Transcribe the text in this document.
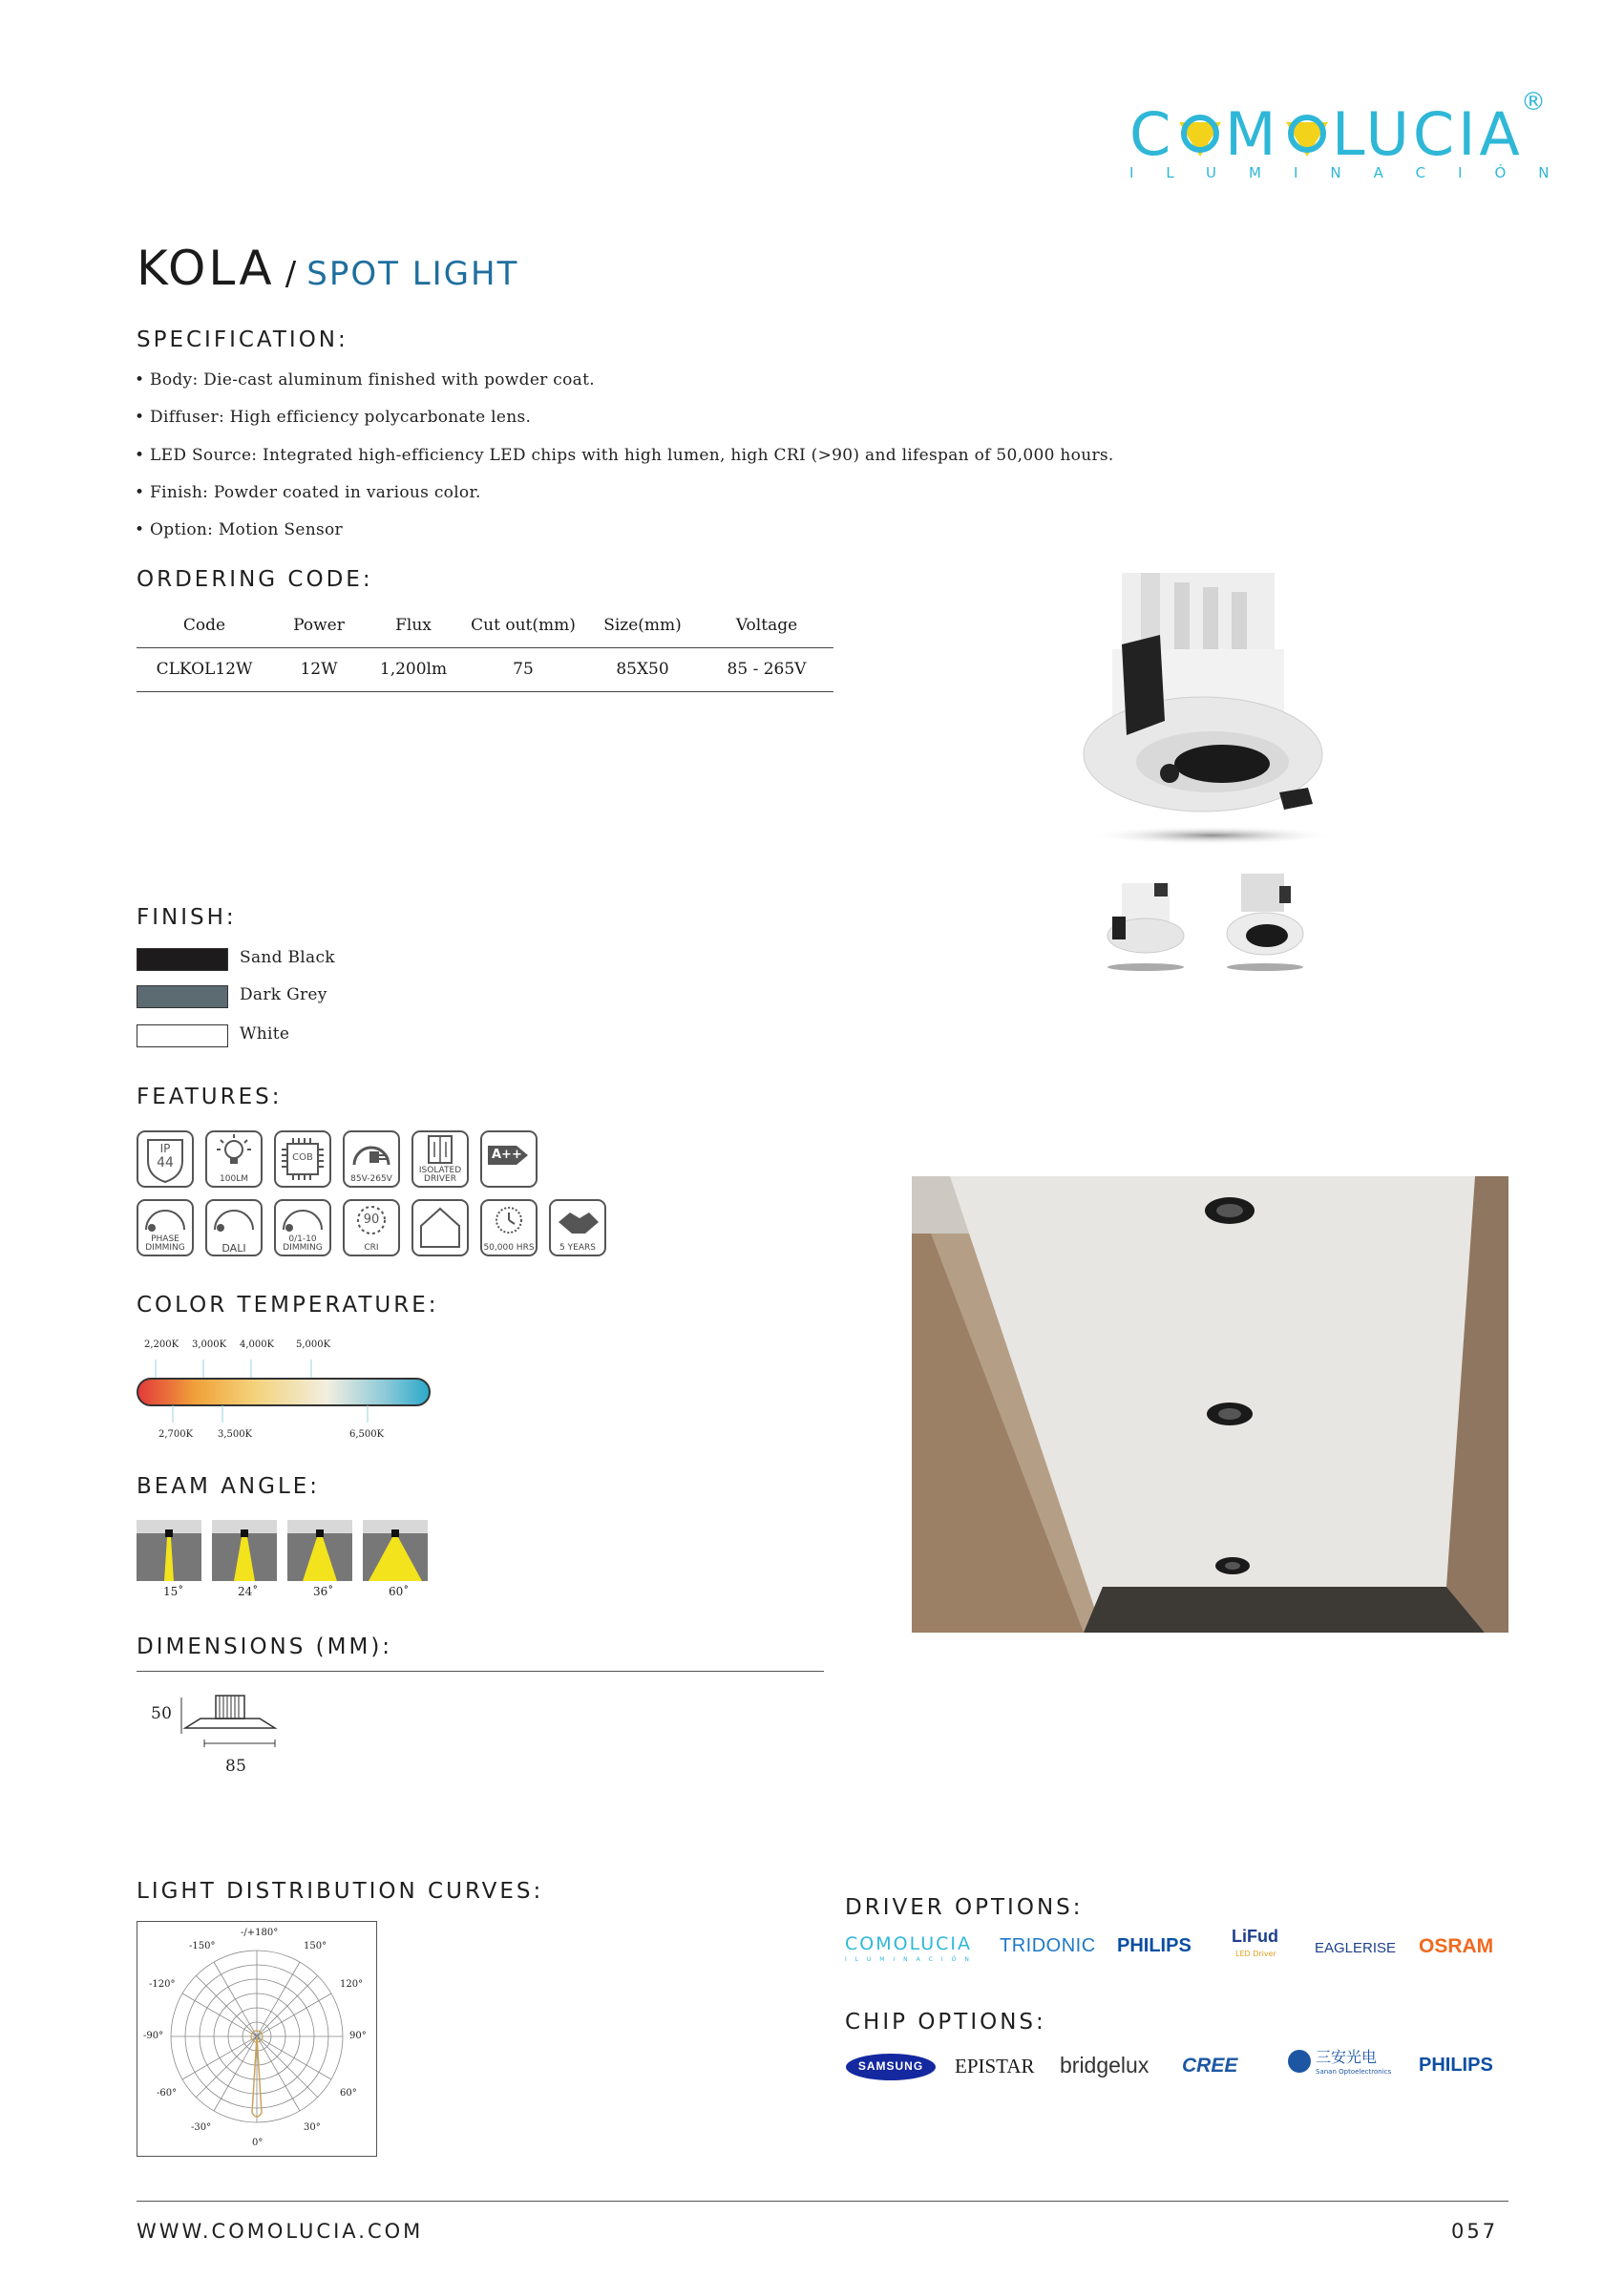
C M LUCIA
®
ILUMINACIÓN
KOLA / SPOT LIGHT
SPECIFICATION:
• Body: Die-cast aluminum finished with powder coat.
• Diffuser: High efficiency polycarbonate lens.
• LED Source: Integrated high-efficiency LED chips with high lumen, high CRI (>90) and lifespan of 50,000 hours.
• Finish: Powder coated in various color.
• Option: Motion Sensor
ORDERING CODE:
Code	Power	Flux	Cut out(mm)	Size(mm)	Voltage
CLKOL12W	12W	1,200lm	75	85X50	85 - 265V
FINISH:
Sand Black
Dark Grey
White
FEATURES:
IP
44
100LM
COB
85V-265V
ISOLATED DRIVER
A++
PHASE DIMMING	DALI
0/1-10 DIMMING
90
CRI	50,000 HRS	5 YEARS
COLOR TEMPERATURE:
2,200K 3,000K 4,000K 5,000K
2,700K	3,500K	6,500K
BEAM ANGLE:
15˚	24˚	36˚	60˚
DIMENSIONS (MM):
50
85
LIGHT DISTRIBUTION CURVES:
-/+180°
-150°	150°
-120°	120°
-90°	90°
-60°	60°
-30°	30°
0°
DRIVER OPTIONS:
COMOLUCIA
ILUMINACIÓN
TRIDONIC PHILIPS LiFud
LED Driver	EAGLERISE OSRAM
CHIP OPTIONS:
SAMSUNG	EPISTAR bridgelux CREE	三安光电
Sanan Optoelectronics PHILIPS
WWW.COMOLUCIA.COM	057
